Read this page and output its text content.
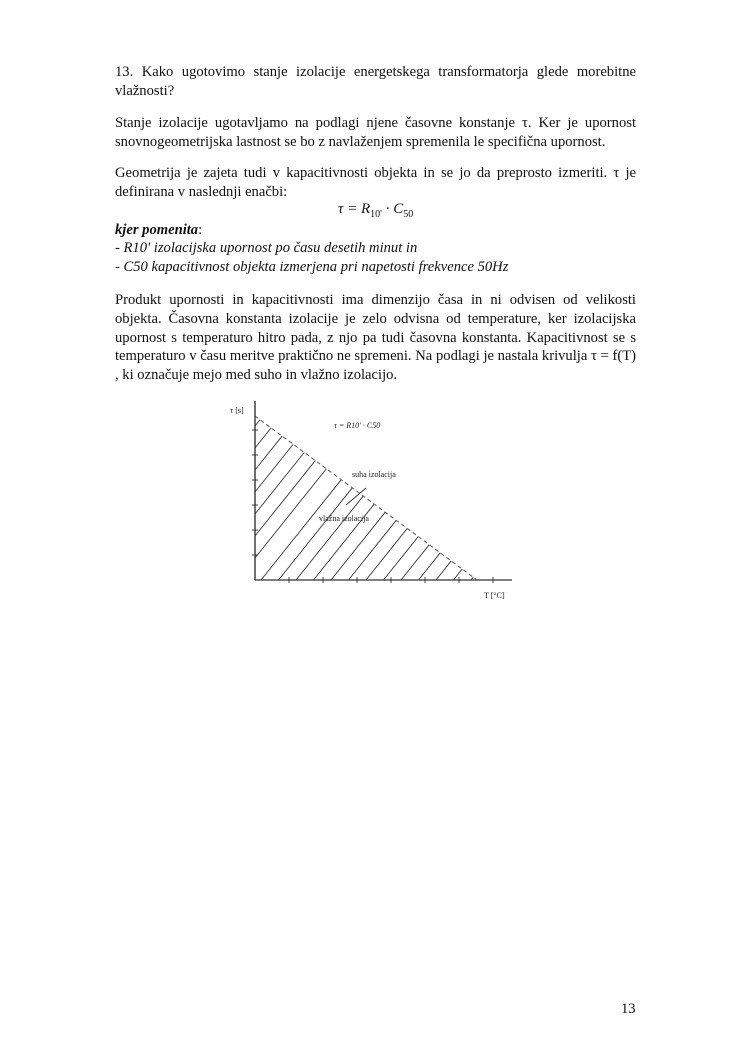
13. Kako ugotovimo stanje izolacije energetskega transformatorja glede morebitne vlažnosti?

Stanje izolacije ugotavljamo na podlagi njene časovne konstanje τ. Ker je upornost snovnogeometrijska lastnost se bo z navlaženjem spremenila le specifična upornost.

Geometrija je zajeta tudi v kapacitivnosti objekta in se jo da preprosto izmeriti. τ je definirana v naslednji enačbi:

$\tau = R_{10'} \cdot C_{50}$

kjer pomenita:

- R10' izolacijska upornost po času desetih minut in

- C50 kapacitivnost objekta izmerjena pri napetosti frekvence 50Hz

Produkt upornosti in kapacitivnosti ima dimenzijo časa in ni odvisen od velikosti objekta. Časovna konstanta izolacije je zelo odvisna od temperature, ker izolacijska upornost s temperaturo hitro pada, z njo pa tudi časovna konstanta. Kapacitivnost se s temperaturo v času meritve praktično ne spremeni. Na podlagi je nastala krivulja τ = f(T) , ki označuje mejo med suho in vlažno izolacijo.

τ [s]
T [°C]
τ = R10' · C50
suha izolacija
vlažna izolacija
13
